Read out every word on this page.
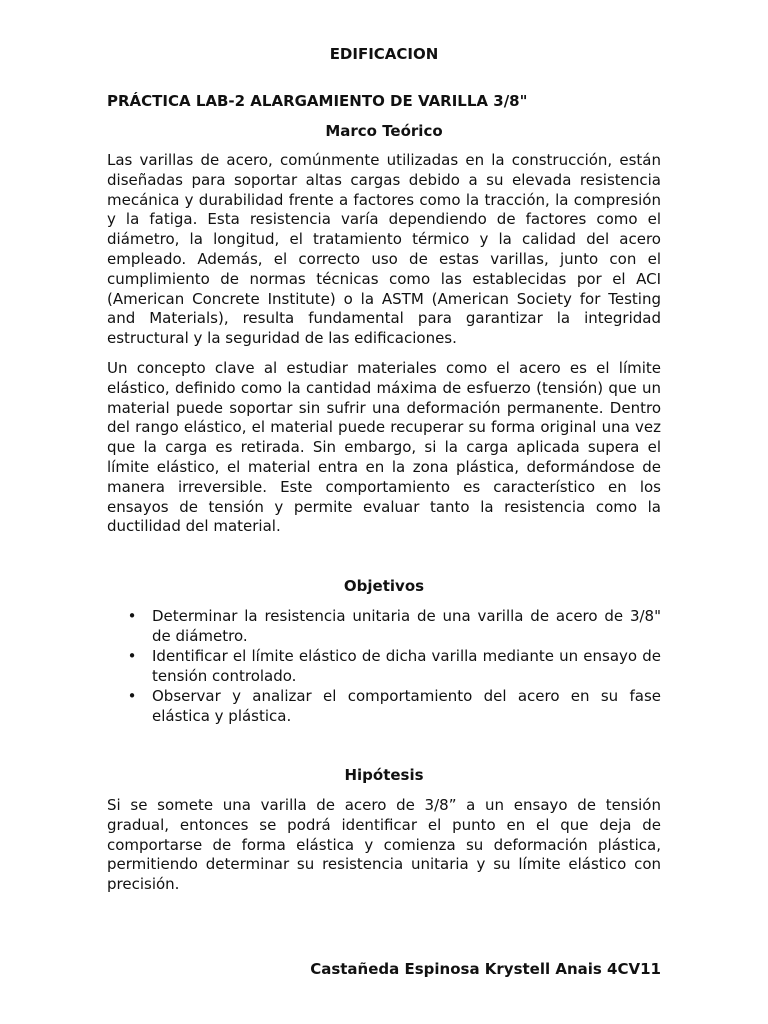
EDIFICACION
PRÁCTICA LAB-2 ALARGAMIENTO DE VARILLA 3/8"
Marco Teórico

Las varillas de acero, comúnmente utilizadas en la construcción, están diseñadas para soportar altas cargas debido a su elevada resistencia mecánica y durabilidad frente a factores como la tracción, la compresión y la fatiga. Esta resistencia varía dependiendo de factores como el diámetro, la longitud, el tratamiento térmico y la calidad del acero empleado. Además, el correcto uso de estas varillas, junto con el cumplimiento de normas técnicas como las establecidas por el ACI (American Concrete Institute) o la ASTM (American Society for Testing and Materials), resulta fundamental para garantizar la integridad estructural y la seguridad de las edificaciones.

Un concepto clave al estudiar materiales como el acero es el límite elástico, definido como la cantidad máxima de esfuerzo (tensión) que un material puede soportar sin sufrir una deformación permanente. Dentro del rango elástico, el material puede recuperar su forma original una vez que la carga es retirada. Sin embargo, si la carga aplicada supera el límite elástico, el material entra en la zona plástica, deformándose de manera irreversible. Este comportamiento es característico en los ensayos de tensión y permite evaluar tanto la resistencia como la ductilidad del material.

Objetivos
• Determinar la resistencia unitaria de una varilla de acero de 3/8" de diámetro.
• Identificar el límite elástico de dicha varilla mediante un ensayo de tensión controlado.
• Observar y analizar el comportamiento del acero en su fase elástica y plástica.
Hipótesis

Si se somete una varilla de acero de 3/8” a un ensayo de tensión gradual, entonces se podrá identificar el punto en el que deja de comportarse de forma elástica y comienza su deformación plástica, permitiendo determinar su resistencia unitaria y su límite elástico con precisión.

Castañeda Espinosa Krystell Anais 4CV11
